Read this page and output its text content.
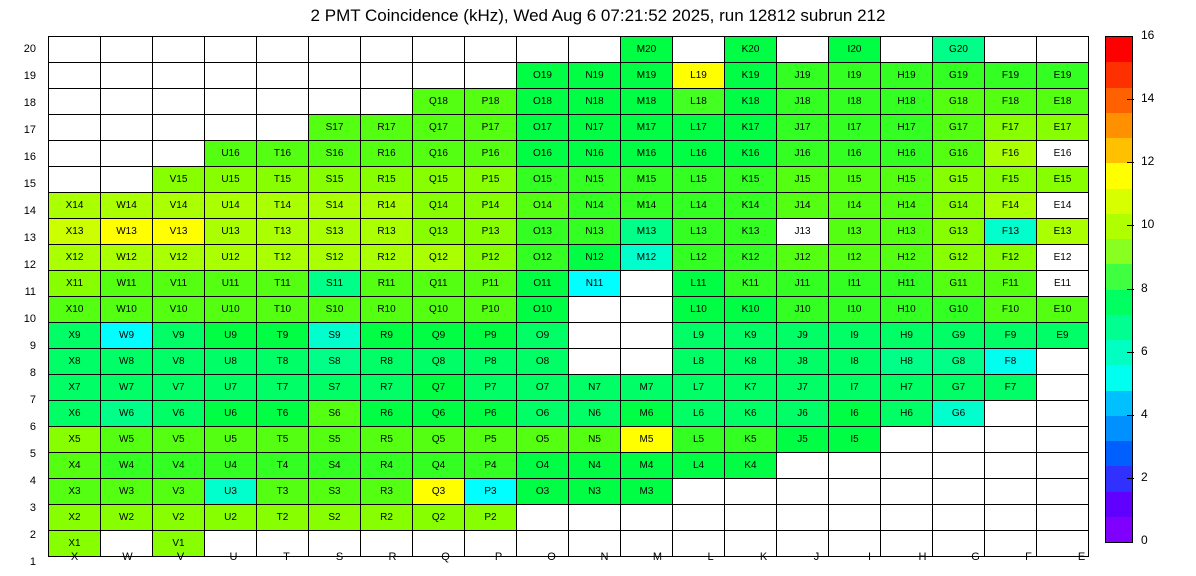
2 PMT Coincidence (kHz), Wed Aug 6 07:21:52 2025, run 12812 subrun 212
20
19
18
17
16
15
14
13
12
11
10
9
8
7
6
5
4
3
2
1
											M20		K20		I20		G20		
									O19	N19	M19	L19	K19	J19	I19	H19	G19	F19	E19
							Q18	P18	O18	N18	M18	L18	K18	J18	I18	H18	G18	F18	E18
					S17	R17	Q17	P17	O17	N17	M17	L17	K17	J17	I17	H17	G17	F17	E17
			U16	T16	S16	R16	Q16	P16	O16	N16	M16	L16	K16	J16	I16	H16	G16	F16	E16
		V15	U15	T15	S15	R15	Q15	P15	O15	N15	M15	L15	K15	J15	I15	H15	G15	F15	E15
X14	W14	V14	U14	T14	S14	R14	Q14	P14	O14	N14	M14	L14	K14	J14	I14	H14	G14	F14	E14
X13	W13	V13	U13	T13	S13	R13	Q13	P13	O13	N13	M13	L13	K13	J13	I13	H13	G13	F13	E13
X12	W12	V12	U12	T12	S12	R12	Q12	P12	O12	N12	M12	L12	K12	J12	I12	H12	G12	F12	E12
X11	W11	V11	U11	T11	S11	R11	Q11	P11	O11	N11		L11	K11	J11	I11	H11	G11	F11	E11
X10	W10	V10	U10	T10	S10	R10	Q10	P10	O10			L10	K10	J10	I10	H10	G10	F10	E10
X9	W9	V9	U9	T9	S9	R9	Q9	P9	O9			L9	K9	J9	I9	H9	G9	F9	E9
X8	W8	V8	U8	T8	S8	R8	Q8	P8	O8			L8	K8	J8	I8	H8	G8	F8	
X7	W7	V7	U7	T7	S7	R7	Q7	P7	O7	N7	M7	L7	K7	J7	I7	H7	G7	F7	
X6	W6	V6	U6	T6	S6	R6	Q6	P6	O6	N6	M6	L6	K6	J6	I6	H6	G6		
X5	W5	V5	U5	T5	S5	R5	Q5	P5	O5	N5	M5	L5	K5	J5	I5				
X4	W4	V4	U4	T4	S4	R4	Q4	P4	O4	N4	M4	L4	K4						
X3	W3	V3	U3	T3	S3	R3	Q3	P3	O3	N3	M3								
X2	W2	V2	U2	T2	S2	R2	Q2	P2											
X1		V1																	
X	W	V	U	T	S	R	Q	P	O	N	M	L	K	J	I	H	G	F	E
16
14
12
10
8
6
4
2
0
